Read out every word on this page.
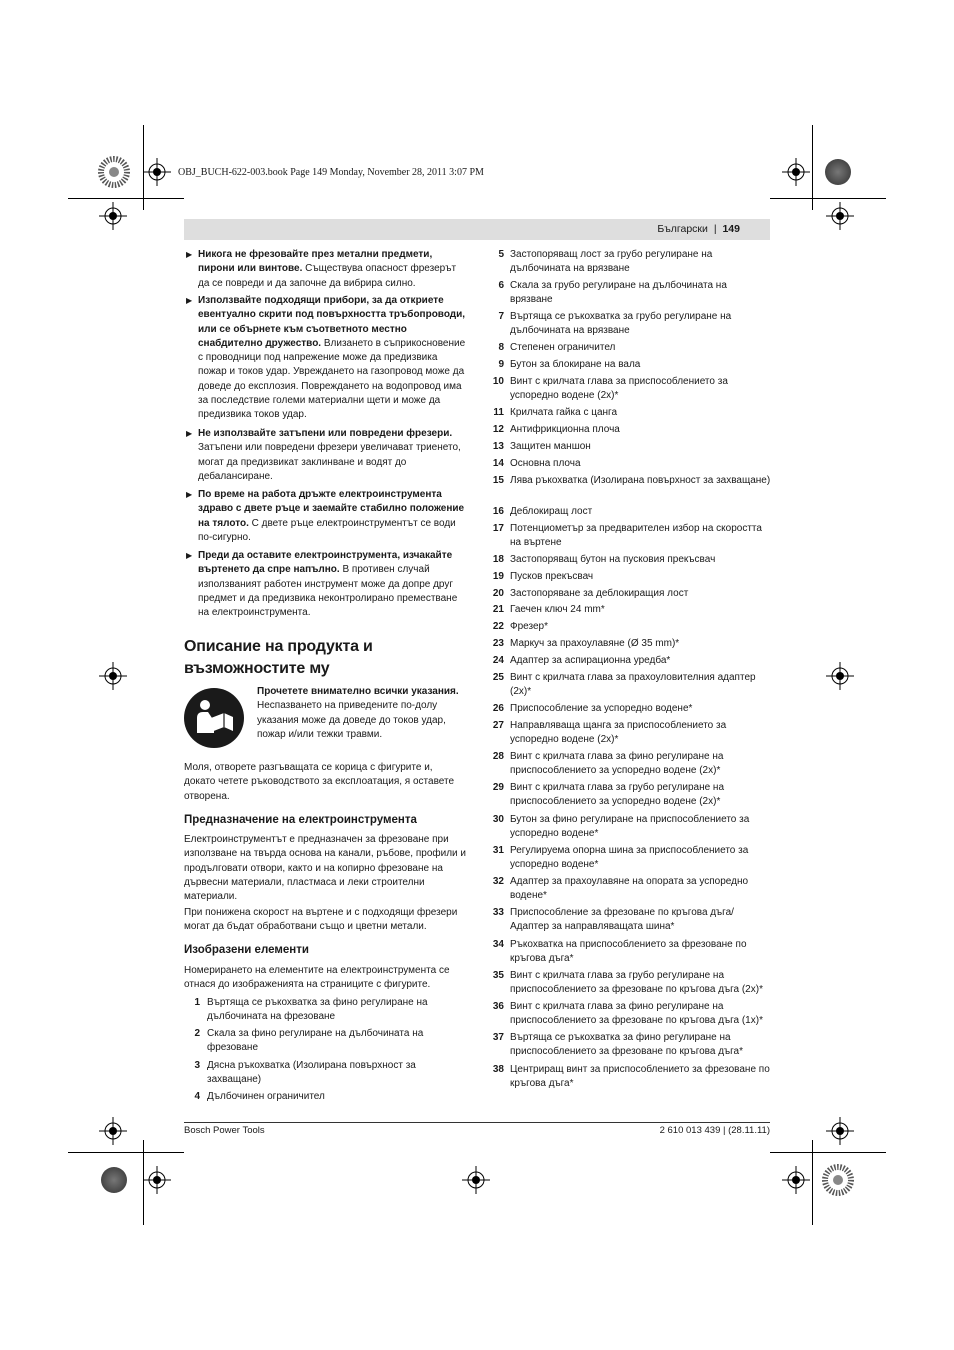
OBJ_BUCH-622-003.book Page 149 Monday, November 28, 2011 3:07 PM
Български | 149
▶ Никога не фрезовайте през метални предмети, пирони или винтове. Съществува опасност фрезерът да се повреди и да започне да вибрира силно.
▶ Използвайте подходящи прибори, за да откриете евентуално скрити под повърхността тръбопроводи, или се обърнете към съответното местно снабдително дружество. Влизането в съприкосновение с проводници под напрежение може да предизвика пожар и токов удар. Увреждането на газопровод може да доведе до експлозия. Повреждането на водопровод има за последствие големи материални щети и може да предизвика токов удар.
▶ Не използвайте затъпени или повредени фрезери. Затъпени или повредени фрезери увеличават триенето, могат да предизвикат заклинване и водят до дебалансиране.
▶ По време на работа дръжте електроинструмента здраво с двете ръце и заемайте стабилно положение на тялото. С двете ръце електроинструментът се води по-сигурно.
▶ Преди да оставите електроинструмента, изчакайте въртенето да спре напълно. В противен случай използваният работен инструмент може да допре друг предмет и да предизвика неконтролирано преместване на електроинструмента.
Описание на продукта и възможностите му
Прочетете внимателно всички указания.
Неспазването на приведените по-долу указания може да доведе до токов удар, пожар и/или тежки травми.
Моля, отворете разгъващата се корица с фигурите и, докато четете ръководството за експлоатация, я оставете отворена.
Предназначение на електроинструмента
Електроинструментът е предназначен за фрезоване при използване на твърда основа на канали, ръбове, профили и продълговати отвори, както и на копирно фрезоване на дървесни материали, пластмаса и леки строителни материали.
При понижена скорост на въртене и с подходящи фрезери могат да бъдат обработвани също и цветни метали.
Изобразени елементи
Номерирането на елементите на електроинструмента се отнася до изображенията на страниците с фигурите.
1 Въртяща се ръкохватка за фино регулиране на дълбочината на фрезоване
2 Скала за фино регулиране на дълбочината на фрезоване
3 Дясна ръкохватка (Изолирана повърхност за захващане)
4 Дълбочинен ограничител
5 Застопоряващ лост за грубо регулиране на дълбочината на врязване
6 Скала за грубо регулиране на дълбочината на врязване
7 Въртяща се ръкохватка за грубо регулиране на дълбочината на врязване
8 Степенен ограничител
9 Бутон за блокиране на вала
10 Винт с крилчата глава за приспособлението за успоредно водене (2x)*
11 Крилчата гайка с цанга
12 Антифрикционна плоча
13 Защитен маншон
14 Основна плоча
15 Лява ръкохватка (Изолирана повърхност за захващане)
16 Деблокиращ лост
17 Потенциометър за предварителен избор на скоростта на въртене
18 Застопоряващ бутон на пусковия прекъсвач
19 Пусков прекъсвач
20 Застопоряване за деблокиращия лост
21 Гаечен ключ 24 mm*
22 Фрезер*
23 Маркуч за прахоулавяне (Ø 35 mm)*
24 Адаптер за аспирационна уредба*
25 Винт с крилчата глава за прахоуловителния адаптер (2x)*
26 Приспособление за успоредно водене*
27 Направляваща щанга за приспособлението за успоредно водене (2x)*
28 Винт с крилчата глава за фино регулиране на приспособлението за успоредно водене (2x)*
29 Винт с крилчата глава за грубо регулиране на приспособлението за успоредно водене (2x)*
30 Бутон за фино регулиране на приспособлението за успоредно водене*
31 Регулируема опорна шина за приспособлението за успоредно водене*
32 Адаптер за прахоулавяне на опората за успоредно водене*
33 Приспособление за фрезоване по кръгова дъга/ Адаптер за направляващата шина*
34 Ръкохватка на приспособлението за фрезоване по кръгова дъга*
35 Винт с крилчата глава за грубо регулиране на приспособлението за фрезоване по кръгова дъга (2x)*
36 Винт с крилчата глава за фино регулиране на приспособлението за фрезоване по кръгова дъга (1x)*
37 Въртяща се ръкохватка за фино регулиране на приспособлението за фрезоване по кръгова дъга*
38 Центриращ винт за приспособлението за фрезоване по кръгова дъга*
Bosch Power Tools	2 610 013 439 | (28.11.11)
